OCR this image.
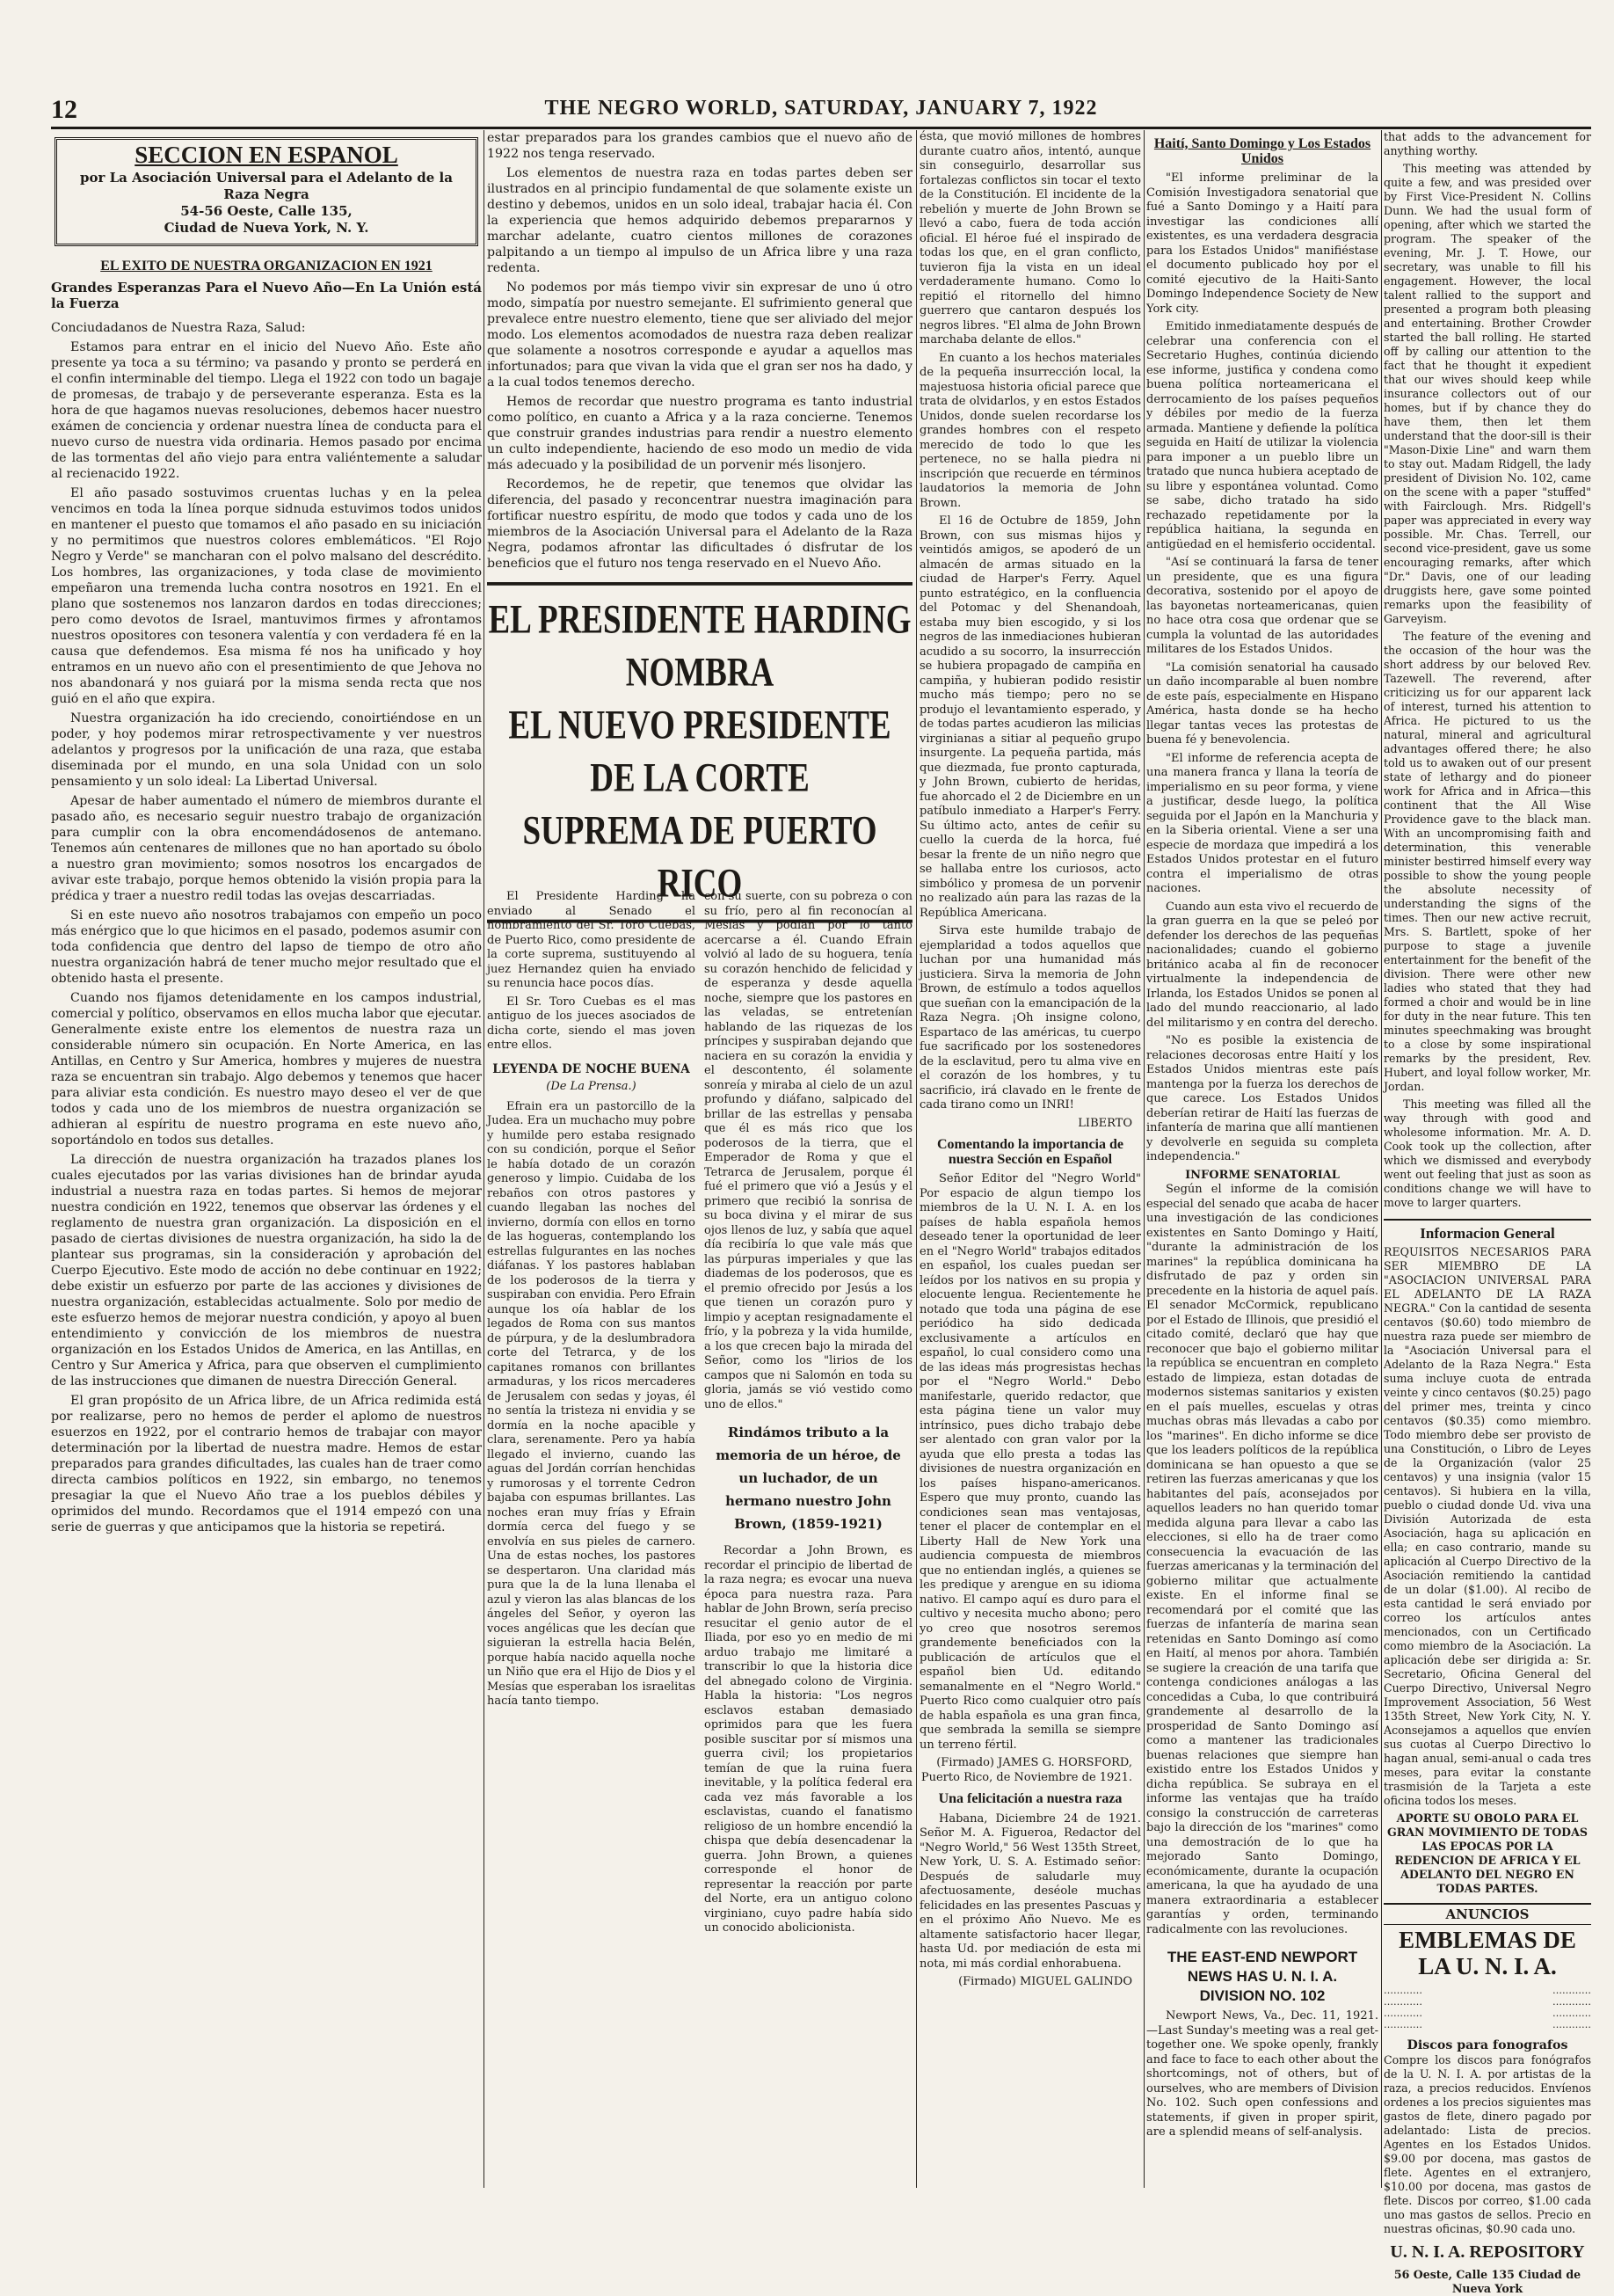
12	THE NEGRO WORLD, SATURDAY, JANUARY 7, 1922
SECCION EN ESPANOL
por La Asociación Universal para el Adelanto de la Raza Negra
54-56 Oeste, Calle 135,
Ciudad de Nueva York, N. Y.
EL EXITO DE NUESTRA ORGANIZACION EN 1921
Grandes Esperanzas Para el Nuevo Año—En La Unión está la Fuerza

Conciudadanos de Nuestra Raza, Salud:

Estamos para entrar en el inicio del Nuevo Año. Este año presente ya toca a su término; va pasando y pronto se perderá en el confin interminable del tiempo. Llega el 1922 con todo un bagaje de promesas, de trabajo y de perseverante esperanza. Esta es la hora de que hagamos nuevas resoluciones, debemos hacer nuestro exámen de conciencia y ordenar nuestra línea de conducta para el nuevo curso de nuestra vida ordinaria. Hemos pasado por encima de las tormentas del año viejo para entra valiéntemente a saludar al recienacido 1922.

El año pasado sostuvimos cruentas luchas y en la pelea vencimos en toda la línea porque sidnuda estuvimos todos unidos en mantener el puesto que tomamos el año pasado en su iniciación y no permitimos que nuestros colores emblemáticos. "El Rojo Negro y Verde" se mancharan con el polvo malsano del descrédito. Los hombres, las organizaciones, y toda clase de movimiento empeñaron una tremenda lucha contra nosotros en 1921. En el plano que sostenemos nos lanzaron dardos en todas direcciones; pero como devotos de Israel, mantuvimos firmes y afrontamos nuestros opositores con tesonera valentía y con verdadera fé en la causa que defendemos. Esa misma fé nos ha unificado y hoy entramos en un nuevo año con el presentimiento de que Jehova no nos abandonará y nos guiará por la misma senda recta que nos guió en el año que expira.

Nuestra organización ha ido creciendo, conoirtiéndose en un poder, y hoy podemos mirar retrospectivamente y ver nuestros adelantos y progresos por la unificación de una raza, que estaba diseminada por el mundo, en una sola Unidad con un solo pensamiento y un solo ideal: La Libertad Universal.

Apesar de haber aumentado el número de miembros durante el pasado año, es necesario seguir nuestro trabajo de organización para cumplir con la obra encomendádosenos de antemano. Tenemos aún centenares de millones que no han aportado su óbolo a nuestro gran movimiento; somos nosotros los encargados de avivar este trabajo, porque hemos obtenido la visión propia para la prédica y traer a nuestro redil todas las ovejas descarriadas.

Si en este nuevo año nosotros trabajamos con empeño un poco más enérgico que lo que hicimos en el pasado, podemos asumir con toda confidencia que dentro del lapso de tiempo de otro año nuestra organización habrá de tener mucho mejor resultado que el obtenido hasta el presente.

Cuando nos fijamos detenidamente en los campos industrial, comercial y político, observamos en ellos mucha labor que ejecutar. Generalmente existe entre los elementos de nuestra raza un considerable número sin ocupación. En Norte America, en las Antillas, en Centro y Sur America, hombres y mujeres de nuestra raza se encuentran sin trabajo. Algo debemos y tenemos que hacer para aliviar esta condición. Es nuestro mayo deseo el ver de que todos y cada uno de los miembros de nuestra organización se adhieran al espíritu de nuestro programa en este nuevo año, soportándolo en todos sus detalles.

La dirección de nuestra organización ha trazados planes los cuales ejecutados por las varias divisiones han de brindar ayuda industrial a nuestra raza en todas partes. Si hemos de mejorar nuestra condición en 1922, tenemos que observar las órdenes y el reglamento de nuestra gran organización. La disposición en el pasado de ciertas divisiones de nuestra organización, ha sido la de plantear sus programas, sin la consideración y aprobación del Cuerpo Ejecutivo. Este modo de acción no debe continuar en 1922; debe existir un esfuerzo por parte de las acciones y divisiones de nuestra organización, establecidas actualmente. Solo por medio de este esfuerzo hemos de mejorar nuestra condición, y apoyo al buen entendimiento y convicción de los miembros de nuestra organización en los Estados Unidos de America, en las Antillas, en Centro y Sur America y Africa, para que observen el cumplimiento de las instrucciones que dimanen de nuestra Dirección General.

El gran propósito de un Africa libre, de un Africa redimida está por realizarse, pero no hemos de perder el aplomo de nuestros esuerzos en 1922, por el contrario hemos de trabajar con mayor determinación por la libertad de nuestra madre. Hemos de estar preparados para grandes dificultades, las cuales han de traer como directa cambios políticos en 1922, sin embargo, no tenemos presagiar la que el Nuevo Año trae a los pueblos débiles y oprimidos del mundo. Recordamos que el 1914 empezó con una serie de guerras y que anticipamos que la historia se repetirá.

estar preparados para los grandes cambios que el nuevo año de 1922 nos tenga reservado.

Los elementos de nuestra raza en todas partes deben ser ilustrados en al principio fundamental de que solamente existe un destino y debemos, unidos en un solo ideal, trabajar hacia él. Con la experiencia que hemos adquirido debemos prepararnos y marchar adelante, cuatro cientos millones de corazones palpitando a un tiempo al impulso de un Africa libre y una raza redenta.

No podemos por más tiempo vivir sin expresar de uno ú otro modo, simpatía por nuestro semejante. El sufrimiento general que prevalece entre nuestro elemento, tiene que ser aliviado del mejor modo. Los elementos acomodados de nuestra raza deben realizar que solamente a nosotros corresponde e ayudar a aquellos mas infortunados; para que vivan la vida que el gran ser nos ha dado, y a la cual todos tenemos derecho.

Hemos de recordar que nuestro programa es tanto industrial como político, en cuanto a Africa y a la raza concierne. Tenemos que construir grandes industrias para rendir a nuestro elemento un culto independiente, haciendo de eso modo un medio de vida más adecuado y la posibilidad de un porvenir més lisonjero.

Recordemos, he de repetir, que tenemos que olvidar las diferencia, del pasado y reconcentrar nuestra imaginación para fortificar nuestro espíritu, de modo que todos y cada uno de los miembros de la Asociación Universal para el Adelanto de la Raza Negra, podamos afrontar las dificultades ó disfrutar de los beneficios que el futuro nos tenga reservado en el Nuevo Año.

EL PRESIDENTE HARDING NOMBRA
EL NUEVO PRESIDENTE DE LA CORTE
SUPREMA DE PUERTO RICO

El Presidente Harding ha enviado al Senado el nombramiento del Sr. Toro Cuebas, de Puerto Rico, como presidente de la corte suprema, sustituyendo al juez Hernandez quien ha enviado su renuncia hace pocos días.

El Sr. Toro Cuebas es el mas antiguo de los jueces asociados de dicha corte, siendo el mas joven entre ellos.

LEYENDA DE NOCHE BUENA
(De La Prensa.)

Efrain era un pastorcillo de la Judea. Era un muchacho muy pobre y humilde pero estaba resignado con su condición, porque el Señor le había dotado de un corazón generoso y limpio. Cuidaba de los rebaños con otros pastores y cuando llegaban las noches del invierno, dormía con ellos en torno de las hogueras, contemplando los estrellas fulgurantes en las noches diáfanas. Y los pastores hablaban de los poderosos de la tierra y suspiraban con envidia. Pero Efrain aunque los oía hablar de los legados de Roma con sus mantos de púrpura, y de la deslumbradora corte del Tetrarca, y de los capitanes romanos con brillantes armaduras, y los ricos mercaderes de Jerusalem con sedas y joyas, él no sentía la tristeza ni envidia y se dormía en la noche apacible y clara, serenamente. Pero ya había llegado el invierno, cuando las aguas del Jordán corrían henchidas y rumorosas y el torrente Cedron bajaba con espumas brillantes. Las noches eran muy frías y Efrain dormía cerca del fuego y se envolvía en sus pieles de carnero. Una de estas noches, los pastores se despertaron. Una claridad más pura que la de la luna llenaba el azul y vieron las alas blancas de los ángeles del Señor, y oyeron las voces angélicas que les decían que siguieran la estrella hacia Belén, porque había nacido aquella noche un Niño que era el Hijo de Dios y el Mesías que esperaban los israelitas hacía tanto tiempo.

con su suerte, con su pobreza o con su frío, pero al fin reconocían al Mesías y podían por lo tanto acercarse a él. Cuando Efrain volvió al lado de su hoguera, tenía su corazón henchido de felicidad y de esperanza y desde aquella noche, siempre que los pastores en las veladas, se entretenían hablando de las riquezas de los príncipes y suspiraban dejando que naciera en su corazón la envidia y el descontento, él solamente sonreía y miraba al cielo de un azul profundo y diáfano, salpicado del brillar de las estrellas y pensaba que él es más rico que los poderosos de la tierra, que el Emperador de Roma y que el Tetrarca de Jerusalem, porque él fué el primero que vió a Jesús y el primero que recibió la sonrisa de su boca divina y el mirar de sus ojos llenos de luz, y sabía que aquel día recibiría lo que vale más que las púrpuras imperiales y que las diademas de los poderosos, que es el premio ofrecido por Jesús a los que tienen un corazón puro y limpio y aceptan resignadamente el frío, y la pobreza y la vida humilde, a los que crecen bajo la mirada del Señor, como los "lirios de los campos que ni Salomón en toda su gloria, jamás se vió vestido como uno de ellos."

Rindámos tributo a la memoria de un héroe, de un luchador, de un hermano nuestro John Brown, (1859-1921)

Recordar a John Brown, es recordar el principio de libertad de la raza negra; es evocar una nueva época para nuestra raza. Para hablar de John Brown, sería preciso resucitar el genio autor de el Iliada, por eso yo en medio de mi arduo trabajo me limitaré a transcribir lo que la historia dice del abnegado colono de Virginia. Habla la historia: "Los negros esclavos estaban demasiado oprimidos para que les fuera posible suscitar por sí mismos una guerra civil; los propietarios temían de que la ruina fuera inevitable, y la política federal era cada vez más favorable a los esclavistas, cuando el fanatismo religioso de un hombre encendió la chispa que debía desencadenar la guerra. John Brown, a quienes corresponde el honor de representar la reacción por parte del Norte, era un antiguo colono virginiano, cuyo padre había sido un conocido abolicionista.

ésta, que movió millones de hombres durante cuatro años, intentó, aunque sin conseguirlo, desarrollar sus fortalezas conflictos sin tocar el texto de la Constitución. El incidente de la rebelión y muerte de John Brown se llevó a cabo, fuera de toda acción oficial. El héroe fué el inspirado de todas los que, en el gran conflicto, tuvieron fija la vista en un ideal verdaderamente humano. Como lo repitió el ritornello del himno guerrero que cantaron después los negros libres. "El alma de John Brown marchaba delante de ellos."

En cuanto a los hechos materiales de la pequeña insurrección local, la majestuosa historia oficial parece que trata de olvidarlos, y en estos Estados Unidos, donde suelen recordarse los grandes hombres con el respeto merecido de todo lo que les pertenece, no se halla piedra ni inscripción que recuerde en términos laudatorios la memoria de John Brown.

El 16 de Octubre de 1859, John Brown, con sus mismas hijos y veintidós amigos, se apoderó de un almacén de armas situado en la ciudad de Harper's Ferry. Aquel punto estratégico, en la confluencia del Potomac y del Shenandoah, estaba muy bien escogido, y si los negros de las inmediaciones hubieran acudido a su socorro, la insurrección se hubiera propagado de campiña en campiña, y hubieran podido resistir mucho más tiempo; pero no se produjo el levantamiento esperado, y de todas partes acudieron las milicias virginianas a sitiar al pequeño grupo insurgente. La pequeña partida, más que diezmada, fue pronto capturada, y John Brown, cubierto de heridas, fue ahorcado el 2 de Diciembre en un patíbulo inmediato a Harper's Ferry. Su último acto, antes de ceñir su cuello la cuerda de la horca, fué besar la frente de un niño negro que se hallaba entre los curiosos, acto simbólico y promesa de un porvenir no realizado aún para las razas de la República Americana.

Sirva este humilde trabajo de ejemplaridad a todos aquellos que luchan por una humanidad más justiciera. Sirva la memoria de John Brown, de estímulo a todos aquellos que sueñan con la emancipación de la Raza Negra. ¡Oh insigne colono, Espartaco de las américas, tu cuerpo fue sacrificado por los sostenedores de la esclavitud, pero tu alma vive en el corazón de los hombres, y tu sacrificio, irá clavado en le frente de cada tirano como un INRI!

LIBERTO
Comentando la importancia de nuestra Sección en Español

Señor Editor del "Negro World" Por espacio de algun tiempo los miembros de la U. N. I. A. en los países de habla española hemos deseado tener la oportunidad de leer en el "Negro World" trabajos editados en español, los cuales puedan ser leídos por los nativos en su propia y elocuente lengua. Recientemente he notado que toda una página de ese periódico ha sido dedicada exclusivamente a artículos en español, lo cual considero como una de las ideas más progresistas hechas por el "Negro World." Debo manifestarle, querido redactor, que esta página tiene un valor muy intrínsico, pues dicho trabajo debe ser alentado con gran valor por la ayuda que ello presta a todas las divisiones de nuestra organización en los países hispano-americanos. Espero que muy pronto, cuando las condiciones sean mas ventajosas, tener el placer de contemplar en el Liberty Hall de New York una audiencia compuesta de miembros que no entiendan inglés, a quienes se les predique y arengue en su idioma nativo. El campo aquí es duro para el cultivo y necesita mucho abono; pero yo creo que nosotros seremos grandemente beneficiados con la publicación de artículos que el español bien Ud. editando semanalmente en el "Negro World." Puerto Rico como cualquier otro país de habla española es una gran finca, que sembrada la semilla se siempre un terreno fértil.

(Firmado) JAMES G. HORSFORD, Puerto Rico, de Noviembre de 1921.
Una felicitación a nuestra raza

Habana, Diciembre 24 de 1921. Señor M. A. Figueroa, Redactor del "Negro World," 56 West 135th Street, New York, U. S. A. Estimado señor: Después de saludarle muy afectuosamente, deséole muchas felicidades en las presentes Pascuas y en el próximo Año Nuevo. Me es altamente satisfactorio hacer llegar, hasta Ud. por mediación de esta mi nota, mi más cordial enhorabuena.

(Firmado) MIGUEL GALINDO
Haití, Santo Domingo y Los Estados Unidos

"El informe preliminar de la Comisión Investigadora senatorial que fué a Santo Domingo y a Haití para investigar las condiciones allí existentes, es una verdadera desgracia para los Estados Unidos" manifiéstase el documento publicado hoy por el comité ejecutivo de la Haiti-Santo Domingo Independence Society de New York city.

Emitido inmediatamente después de celebrar una conferencia con el Secretario Hughes, continúa diciendo ese informe, justifica y condena como buena política norteamericana el derrocamiento de los países pequeños y débiles por medio de la fuerza armada. Mantiene y defiende la política seguida en Haití de utilizar la violencia para imponer a un pueblo libre un tratado que nunca hubiera aceptado de su libre y espontánea voluntad. Como se sabe, dicho tratado ha sido rechazado repetidamente por la república haitiana, la segunda en antigüedad en el hemisferio occidental.

"Así se continuará la farsa de tener un presidente, que es una figura decorativa, sostenido por el apoyo de las bayonetas norteamericanas, quien no hace otra cosa que ordenar que se cumpla la voluntad de las autoridades militares de los Estados Unidos.

"La comisión senatorial ha causado un daño incomparable al buen nombre de este país, especialmente en Hispano América, hasta donde se ha hecho llegar tantas veces las protestas de buena fé y benevolencia.

"El informe de referencia acepta de una manera franca y llana la teoría de imperialismo en su peor forma, y viene a justificar, desde luego, la política seguida por el Japón en la Manchuria y en la Siberia oriental. Viene a ser una especie de mordaza que impedirá a los Estados Unidos protestar en el futuro contra el imperialismo de otras naciones.

Cuando aun esta vivo el recuerdo de la gran guerra en la que se peleó por defender los derechos de las pequeñas nacionalidades; cuando el gobierno británico acaba al fin de reconocer virtualmente la independencia de Irlanda, los Estados Unidos se ponen al lado del mundo reaccionario, al lado del militarismo y en contra del derecho.

"No es posible la existencia de relaciones decorosas entre Haití y los Estados Unidos mientras este país mantenga por la fuerza los derechos de que carece. Los Estados Unidos deberían retirar de Haití las fuerzas de infantería de marina que allí mantienen y devolverle en seguida su completa independencia."

INFORME SENATORIAL

Según el informe de la comisión especial del senado que acaba de hacer una investigación de las condiciones existentes en Santo Domingo y Haití, "durante la administración de los marines" la república dominicana ha disfrutado de paz y orden sin precedente en la historia de aquel país. El senador McCormick, republicano por el Estado de Illinois, que presidió el citado comité, declaró que hay que reconocer que bajo el gobierno militar la república se encuentran en completo estado de limpieza, estan dotadas de modernos sistemas sanitarios y existen en el país muelles, escuelas y otras muchas obras más llevadas a cabo por los "marines". En dicho informe se dice que los leaders políticos de la república dominicana se han opuesto a que se retiren las fuerzas americanas y que los habitantes del país, aconsejados por aquellos leaders no han querido tomar medida alguna para llevar a cabo las elecciones, si ello ha de traer como consecuencia la evacuación de las fuerzas americanas y la terminación del gobierno militar que actualmente existe. En el informe final se recomendará por el comité que las fuerzas de infantería de marina sean retenidas en Santo Domingo así como en Haití, al menos por ahora. También se sugiere la creación de una tarifa que contenga condiciones análogas a las concedidas a Cuba, lo que contribuirá grandemente al desarrollo de la prosperidad de Santo Domingo así como a mantener las tradicionales buenas relaciones que siempre han existido entre los Estados Unidos y dicha república. Se subraya en el informe las ventajas que ha traído consigo la construcción de carreteras bajo la dirección de los "marines" como una demostración de lo que ha mejorado Santo Domingo, económicamente, durante la ocupación americana, la que ha ayudado de una manera extraordinaria a establecer garantías y orden, terminando radicalmente con las revoluciones.

THE EAST-END NEWPORT
NEWS HAS U. N. I. A.
DIVISION NO. 102

Newport News, Va., Dec. 11, 1921.—Last Sunday's meeting was a real get-together one. We spoke openly, frankly and face to face to each other about the shortcomings, not of others, but of ourselves, who are members of Division No. 102. Such open confessions and statements, if given in proper spirit, are a splendid means of self-analysis.

that adds to the advancement for anything worthy.

This meeting was attended by quite a few, and was presided over by First Vice-President N. Collins Dunn. We had the usual form of opening, after which we started the program. The speaker of the evening, Mr. J. T. Howe, our secretary, was unable to fill his engagement. However, the local talent rallied to the support and presented a program both pleasing and entertaining. Brother Crowder started the ball rolling. He started off by calling our attention to the fact that he thought it expedient that our wives should keep while insurance collectors out of our homes, but if by chance they do have them, then let them understand that the door-sill is their "Mason-Dixie Line" and warn them to stay out. Madam Ridgell, the lady president of Division No. 102, came on the scene with a paper "stuffed" with Fairclough. Mrs. Ridgell's paper was appreciated in every way possible. Mr. Chas. Terrell, our second vice-president, gave us some encouraging remarks, after which "Dr." Davis, one of our leading druggists here, gave some pointed remarks upon the feasibility of Garveyism.

The feature of the evening and the occasion of the hour was the short address by our beloved Rev. Tazewell. The reverend, after criticizing us for our apparent lack of interest, turned his attention to Africa. He pictured to us the natural, mineral and agricultural advantages offered there; he also told us to awaken out of our present state of lethargy and do pioneer work for Africa and in Africa—this continent that the All Wise Providence gave to the black man. With an uncompromising faith and determination, this venerable minister bestirred himself every way possible to show the young people the absolute necessity of understanding the signs of the times. Then our new active recruit, Mrs. S. Bartlett, spoke of her purpose to stage a juvenile entertainment for the benefit of the division. There were other new ladies who stated that they had formed a choir and would be in line for duty in the near future. This ten minutes speechmaking was brought to a close by some inspirational remarks by the president, Rev. Hubert, and loyal follow worker, Mr. Jordan.

This meeting was filled all the way through with good and wholesome information. Mr. A. D. Cook took up the collection, after which we dismissed and everybody went out feeling that just as soon as conditions change we will have to move to larger quarters.

Informacion General

REQUISITOS NECESARIOS PARA SER MIEMBRO DE LA "ASOCIACION UNIVERSAL PARA EL ADELANTO DE LA RAZA NEGRA." Con la cantidad de sesenta centavos ($0.60) todo miembro de nuestra raza puede ser miembro de la "Asociación Universal para el Adelanto de la Raza Negra." Esta suma incluye cuota de entrada veinte y cinco centavos ($0.25) pago del primer mes, treinta y cinco centavos ($0.35) como miembro. Todo miembro debe ser provisto de una Constitución, o Libro de Leyes de la Organización (valor 25 centavos) y una insignia (valor 15 centavos). Si hubiera en la villa, pueblo o ciudad donde Ud. viva una División Autorizada de esta Asociación, haga su aplicación en ella; en caso contrario, mande su aplicación al Cuerpo Directivo de la Asociación remitiendo la cantidad de un dolar ($1.00). Al recibo de esta cantidad le será enviado por correo los artículos antes mencionados, con un Certificado como miembro de la Asociación. La aplicación debe ser dirigida a: Sr. Secretario, Oficina General del Cuerpo Directivo, Universal Negro Improvement Association, 56 West 135th Street, New York City, N. Y. Aconsejamos a aquellos que envíen sus cuotas al Cuerpo Directivo lo hagan anual, semi-anual o cada tres meses, para evitar la constante trasmisión de la Tarjeta a este oficina todos los meses.

APORTE SU OBOLO PARA EL GRAN MOVIMIENTO DE TODAS LAS EPOCAS POR LA REDENCION DE AFRICA Y EL ADELANTO DEL NEGRO EN TODAS PARTES.

ANUNCIOS
EMBLEMAS DE LA U. N. I. A.
…………	…………
…………	…………
…………	…………
…………	…………
Discos para fonografos

Compre los discos para fonógrafos de la U. N. I. A. por artistas de la raza, a precios reducidos. Envíenos ordenes a los precios siguientes mas gastos de flete, dinero pagado por adelantado: Lista de precios. Agentes en los Estados Unidos. $9.00 por docena, mas gastos de flete. Agentes en el extranjero, $10.00 por docena, mas gastos de flete. Discos por correo, $1.00 cada uno mas gastos de sellos. Precio en nuestras oficinas, $0.90 cada uno.

U. N. I. A. REPOSITORY
56 Oeste, Calle 135 Ciudad de Nueva York
